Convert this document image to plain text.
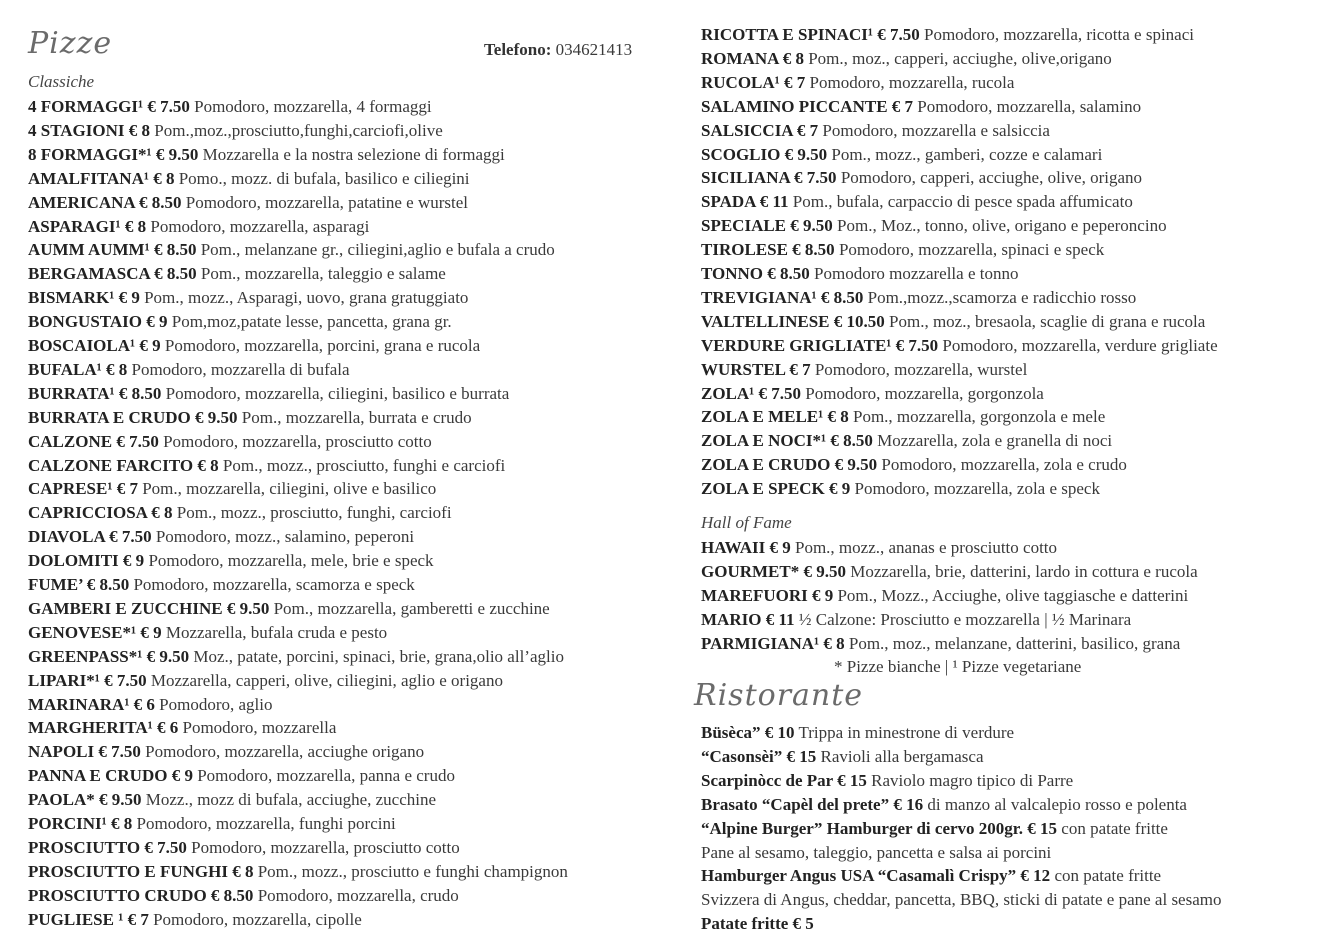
Pizze	Telefono: 034621413
Classiche
4 FORMAGGI¹ € 7.50 Pomodoro, mozzarella, 4 formaggi
4 STAGIONI € 8 Pom.,moz.,prosciutto,funghi,carciofi,olive
8 FORMAGGI*¹ € 9.50 Mozzarella e la nostra selezione di formaggi
AMALFITANA¹ € 8 Pomo., mozz. di bufala, basilico e ciliegini
AMERICANA € 8.50 Pomodoro, mozzarella, patatine e wurstel
ASPARAGI¹ € 8 Pomodoro, mozzarella, asparagi
AUMM AUMM¹ € 8.50 Pom., melanzane gr., ciliegini,aglio e bufala a crudo
BERGAMASCA € 8.50 Pom., mozzarella, taleggio e salame
BISMARK¹ € 9 Pom., mozz., Asparagi, uovo, grana gratuggiato
BONGUSTAIO € 9 Pom,moz,patate lesse, pancetta, grana gr.
BOSCAIOLA¹ € 9 Pomodoro, mozzarella, porcini, grana e rucola
BUFALA¹ € 8 Pomodoro, mozzarella di bufala
BURRATA¹ € 8.50 Pomodoro, mozzarella, ciliegini, basilico e burrata
BURRATA E CRUDO € 9.50 Pom., mozzarella, burrata e crudo
CALZONE € 7.50 Pomodoro, mozzarella, prosciutto cotto
CALZONE FARCITO € 8 Pom., mozz., prosciutto, funghi e carciofi
CAPRESE¹ € 7 Pom., mozzarella, ciliegini, olive e basilico
CAPRICCIOSA € 8 Pom., mozz., prosciutto, funghi, carciofi
DIAVOLA € 7.50 Pomodoro, mozz., salamino, peperoni
DOLOMITI € 9 Pomodoro, mozzarella, mele, brie e speck
FUME’ € 8.50 Pomodoro, mozzarella, scamorza e speck
GAMBERI E ZUCCHINE € 9.50 Pom., mozzarella, gamberetti e zucchine
GENOVESE*¹ € 9 Mozzarella, bufala cruda e pesto
GREENPASS*¹ € 9.50 Moz., patate, porcini, spinaci, brie, grana,olio all’aglio
LIPARI*¹ € 7.50 Mozzarella, capperi, olive, ciliegini, aglio e origano
MARINARA¹ € 6 Pomodoro, aglio
MARGHERITA¹ € 6 Pomodoro, mozzarella
NAPOLI € 7.50 Pomodoro, mozzarella, acciughe origano
PANNA E CRUDO € 9 Pomodoro, mozzarella, panna e crudo
PAOLA* € 9.50 Mozz., mozz di bufala, acciughe, zucchine
PORCINI¹ € 8 Pomodoro, mozzarella, funghi porcini
PROSCIUTTO € 7.50 Pomodoro, mozzarella, prosciutto cotto
PROSCIUTTO E FUNGHI € 8 Pom., mozz., prosciutto e funghi champignon
PROSCIUTTO CRUDO € 8.50 Pomodoro, mozzarella, crudo
PUGLIESE ¹ € 7 Pomodoro, mozzarella, cipolle
RICOTTA E SPINACI¹ € 7.50 Pomodoro, mozzarella, ricotta e spinaci
ROMANA € 8 Pom., moz., capperi, acciughe, olive,origano
RUCOLA¹ € 7 Pomodoro, mozzarella, rucola
SALAMINO PICCANTE € 7 Pomodoro, mozzarella, salamino
SALSICCIA € 7 Pomodoro, mozzarella e salsiccia
SCOGLIO € 9.50 Pom., mozz., gamberi, cozze e calamari
SICILIANA € 7.50 Pomodoro, capperi, acciughe, olive, origano
SPADA € 11 Pom., bufala, carpaccio di pesce spada affumicato
SPECIALE € 9.50 Pom., Moz., tonno, olive, origano e peperoncino
TIROLESE € 8.50 Pomodoro, mozzarella, spinaci e speck
TONNO € 8.50 Pomodoro mozzarella e tonno
TREVIGIANA¹ € 8.50 Pom.,mozz.,scamorza e radicchio rosso
VALTELLINESE € 10.50 Pom., moz., bresaola, scaglie di grana e rucola
VERDURE GRIGLIATE¹ € 7.50 Pomodoro, mozzarella, verdure grigliate
WURSTEL € 7 Pomodoro, mozzarella, wurstel
ZOLA¹ € 7.50 Pomodoro, mozzarella, gorgonzola
ZOLA E MELE¹ € 8 Pom., mozzarella, gorgonzola e mele
ZOLA E NOCI*¹ € 8.50 Mozzarella, zola e granella di noci
ZOLA E CRUDO € 9.50 Pomodoro, mozzarella, zola e crudo
ZOLA E SPECK € 9 Pomodoro, mozzarella, zola e speck
Hall of Fame
HAWAII € 9 Pom., mozz., ananas e prosciutto cotto
GOURMET* € 9.50 Mozzarella, brie, datterini, lardo in cottura e rucola
MAREFUORI € 9 Pom., Mozz., Acciughe, olive taggiasche e datterini
MARIO € 11 ½ Calzone: Prosciutto e mozzarella | ½ Marinara
PARMIGIANA¹ € 8 Pom., moz., melanzane, datterini, basilico, grana
* Pizze bianche | ¹ Pizze vegetariane
Ristorante
Büsèca” € 10 Trippa in minestrone di verdure
“Casonsèi” € 15 Ravioli alla bergamasca
Scarpinòcc de Par € 15 Raviolo magro tipico di Parre
Brasato “Capèl del prete” € 16 di manzo al valcalepio rosso e polenta
“Alpine Burger” Hamburger di cervo 200gr. € 15 con patate fritte
Pane al sesamo, taleggio, pancetta e salsa ai porcini
Hamburger Angus USA “Casamalì Crispy” € 12 con patate fritte
Svizzera di Angus, cheddar, pancetta, BBQ, sticki di patate e pane al sesamo
Patate fritte € 5
